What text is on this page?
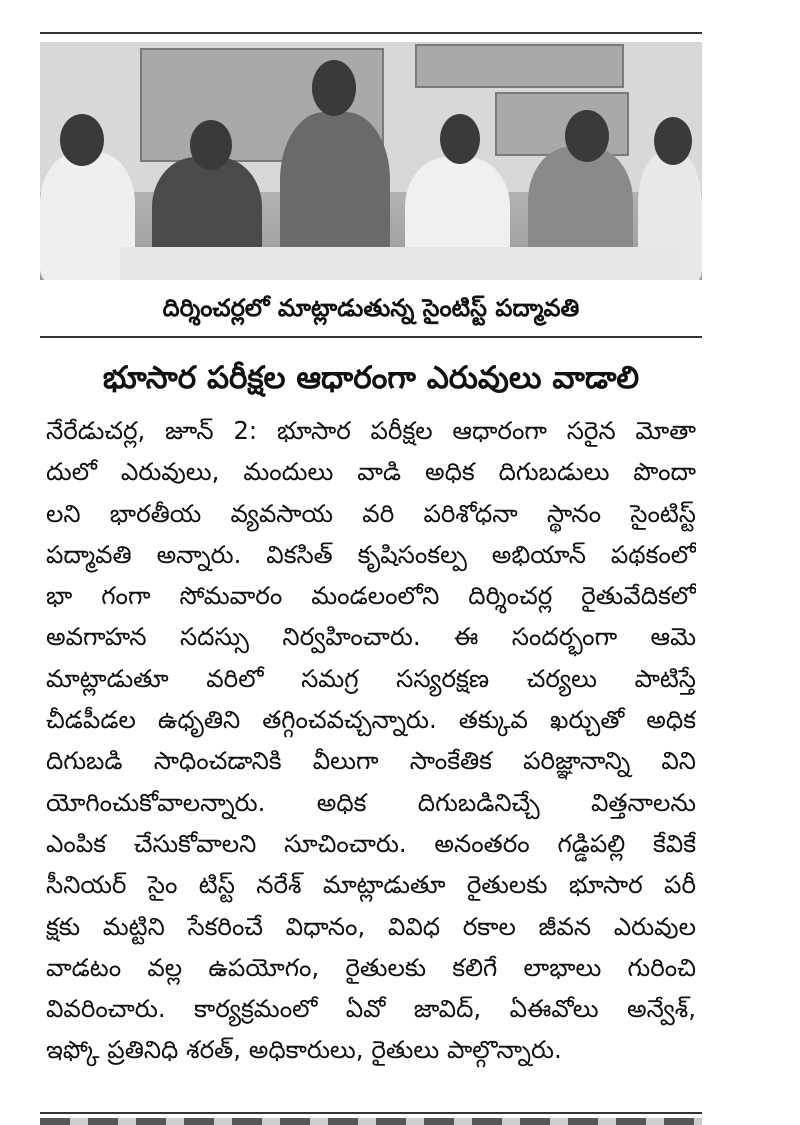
దిర్శించర్లలో మాట్లాడుతున్న సైంటిస్ట్ పద్మావతి
భూసార పరీక్షల ఆధారంగా ఎరువులు వాడాలి
నేరేడుచర్ల, జూన్ 2: భూసార పరీక్షల ఆధారంగా సరైన మోతా
దులో ఎరువులు, మందులు వాడి అధిక దిగుబడులు పొందా
లని భారతీయ వ్యవసాయ వరి పరిశోధనా స్థానం సైంటిస్ట్
పద్మావతి అన్నారు. వికసిత్ కృషిసంకల్ప అభియాన్ పథకంలో
భా గంగా సోమవారం మండలంలోని దిర్శించర్ల రైతువేదికలో
అవగాహన సదస్సు నిర్వహించారు. ఈ సందర్భంగా ఆమె
మాట్లాడుతూ వరిలో సమగ్ర సస్యరక్షణ చర్యలు పాటిస్తే
చీడపీడల ఉధృతిని తగ్గించవచ్చన్నారు. తక్కువ ఖర్చుతో అధిక
దిగుబడి సాధించడానికి వీలుగా సాంకేతిక పరిజ్ఞానాన్ని విని
యోగించుకోవాలన్నారు. అధిక దిగుబడినిచ్చే విత్తనాలను
ఎంపిక చేసుకోవాలని సూచించారు. అనంతరం గడ్డిపల్లి కేవికే
సీనియర్ సైం టిస్ట్ నరేశ్ మాట్లాడుతూ రైతులకు భూసార పరీ
క్షకు మట్టిని సేకరించే విధానం, వివిధ రకాల జీవన ఎరువుల
వాడటం వల్ల ఉపయోగం, రైతులకు కలిగే లాభాలు గురించి
వివరించారు. కార్యక్రమంలో ఏవో జావిద్, ఏఈవోలు అన్వేశ్,
ఇఫ్కో ప్రతినిధి శరత్, అధికారులు, రైతులు పాల్గొన్నారు.
